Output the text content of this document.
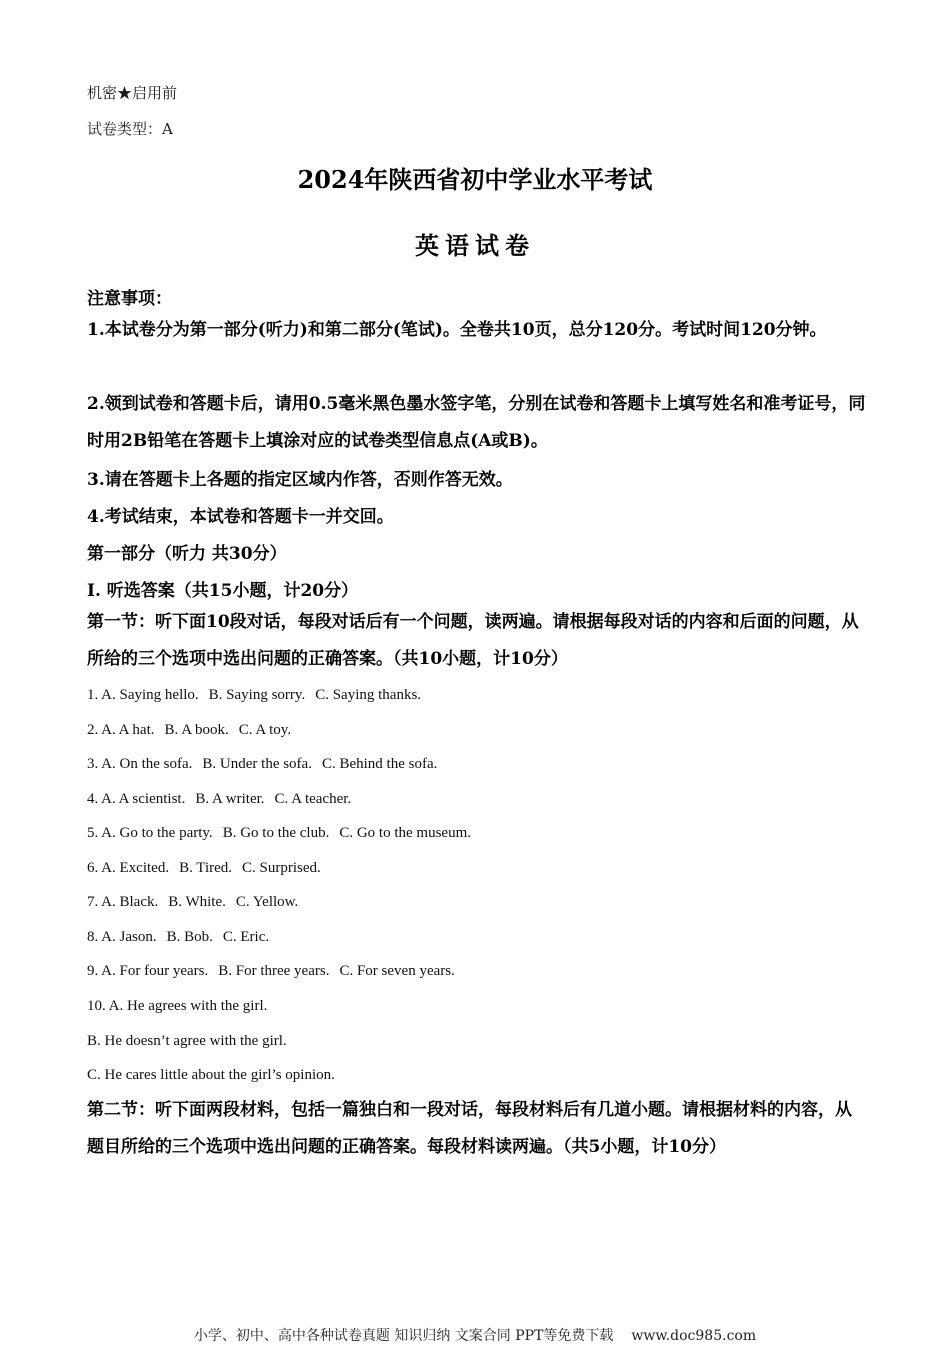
机密★启用前
试卷类型：A
2024年陕西省初中学业水平考试
英语试卷
注意事项：
1.本试卷分为第一部分(听力)和第二部分(笔试)。全卷共10页，总分120分。考试时间120分钟。
2.领到试卷和答题卡后，请用0.5毫米黑色墨水签字笔，分别在试卷和答题卡上填写姓名和准考证号，同时用2B铅笔在答题卡上填涂对应的试卷类型信息点(A或B)。
3.请在答题卡上各题的指定区域内作答，否则作答无效。
4.考试结束，本试卷和答题卡一并交回。
第一部分（听力 共30分）
I. 听选答案（共15小题，计20分）
第一节：听下面10段对话，每段对话后有一个问题，读两遍。请根据每段对话的内容和后面的问题，从所给的三个选项中选出问题的正确答案。（共10小题，计10分）
1. A. Saying hello. B. Saying sorry. C. Saying thanks.
2. A. A hat. B. A book. C. A toy.
3. A. On the sofa. B. Under the sofa. C. Behind the sofa.
4. A. A scientist. B. A writer. C. A teacher.
5. A. Go to the party. B. Go to the club. C. Go to the museum.
6. A. Excited. B. Tired. C. Surprised.
7. A. Black. B. White. C. Yellow.
8. A. Jason. B. Bob. C. Eric.
9. A. For four years. B. For three years. C. For seven years.
10. A. He agrees with the girl.
B. He doesn’t agree with the girl.
C. He cares little about the girl’s opinion.
第二节：听下面两段材料，包括一篇独白和一段对话，每段材料后有几道小题。请根据材料的内容，从题目所给的三个选项中选出问题的正确答案。每段材料读两遍。（共5小题，计10分）
小学、初中、高中各种试卷真题 知识归纳 文案合同 PPT等免费下载 www.doc985.com
